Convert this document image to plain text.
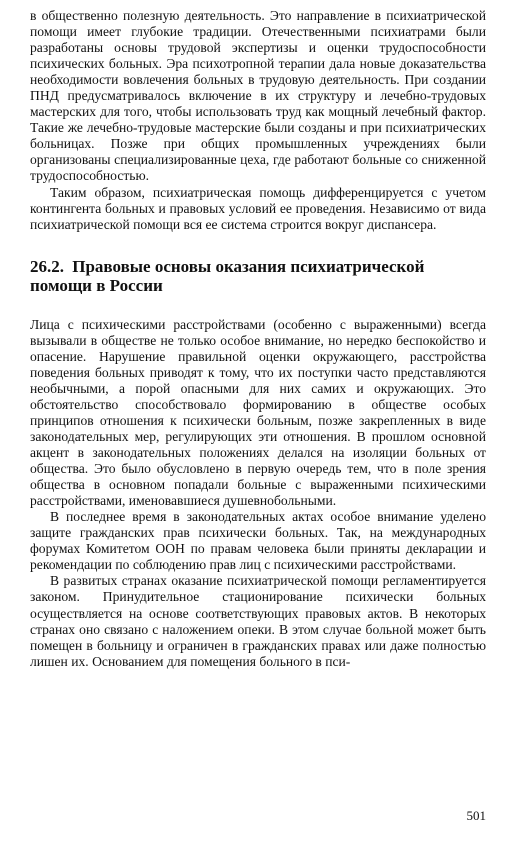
в общественно полезную деятельность. Это направление в психиатрической помощи имеет глубокие традиции. Отечественными психиатрами были разработаны основы трудовой экспертизы и оценки трудоспособности психических больных. Эра психотропной терапии дала новые доказательства необходимости вовлечения больных в трудовую деятельность. При создании ПНД предусматривалось включение в их структуру и лечебно-трудовых мастерских для того, чтобы использовать труд как мощный лечебный фактор. Такие же лечебно-трудовые мастерские были созданы и при психиатрических больницах. Позже при общих промышленных учреждениях были организованы специализированные цеха, где работают больные со сниженной трудоспособностью.

Таким образом, психиатрическая помощь дифференцируется с учетом контингента больных и правовых условий ее проведения. Независимо от вида психиатрической помощи вся ее система строится вокруг диспансера.

26.2. Правовые основы оказания психиатрической помощи в России

Лица с психическими расстройствами (особенно с выраженными) всегда вызывали в обществе не только особое внимание, но нередко беспокойство и опасение. Нарушение правильной оценки окружающего, расстройства поведения больных приводят к тому, что их поступки часто представляются необычными, а порой опасными для них самих и окружающих. Это обстоятельство способствовало формированию в обществе особых принципов отношения к психически больным, позже закрепленных в виде законодательных мер, регулирующих эти отношения. В прошлом основной акцент в законодательных положениях делался на изоляции больных от общества. Это было обусловлено в первую очередь тем, что в поле зрения общества в основном попадали больные с выраженными психическими расстройствами, именовавшиеся душевнобольными.

В последнее время в законодательных актах особое внимание уделено защите гражданских прав психически больных. Так, на международных форумах Комитетом ООН по правам человека были приняты декларации и рекомендации по соблюдению прав лиц с психическими расстройствами.

В развитых странах оказание психиатрической помощи регламентируется законом. Принудительное стационирование психически больных осуществляется на основе соответствующих правовых актов. В некоторых странах оно связано с наложением опеки. В этом случае больной может быть помещен в больницу и ограничен в гражданских правах или даже полностью лишен их. Основанием для помещения больного в пси-

501
